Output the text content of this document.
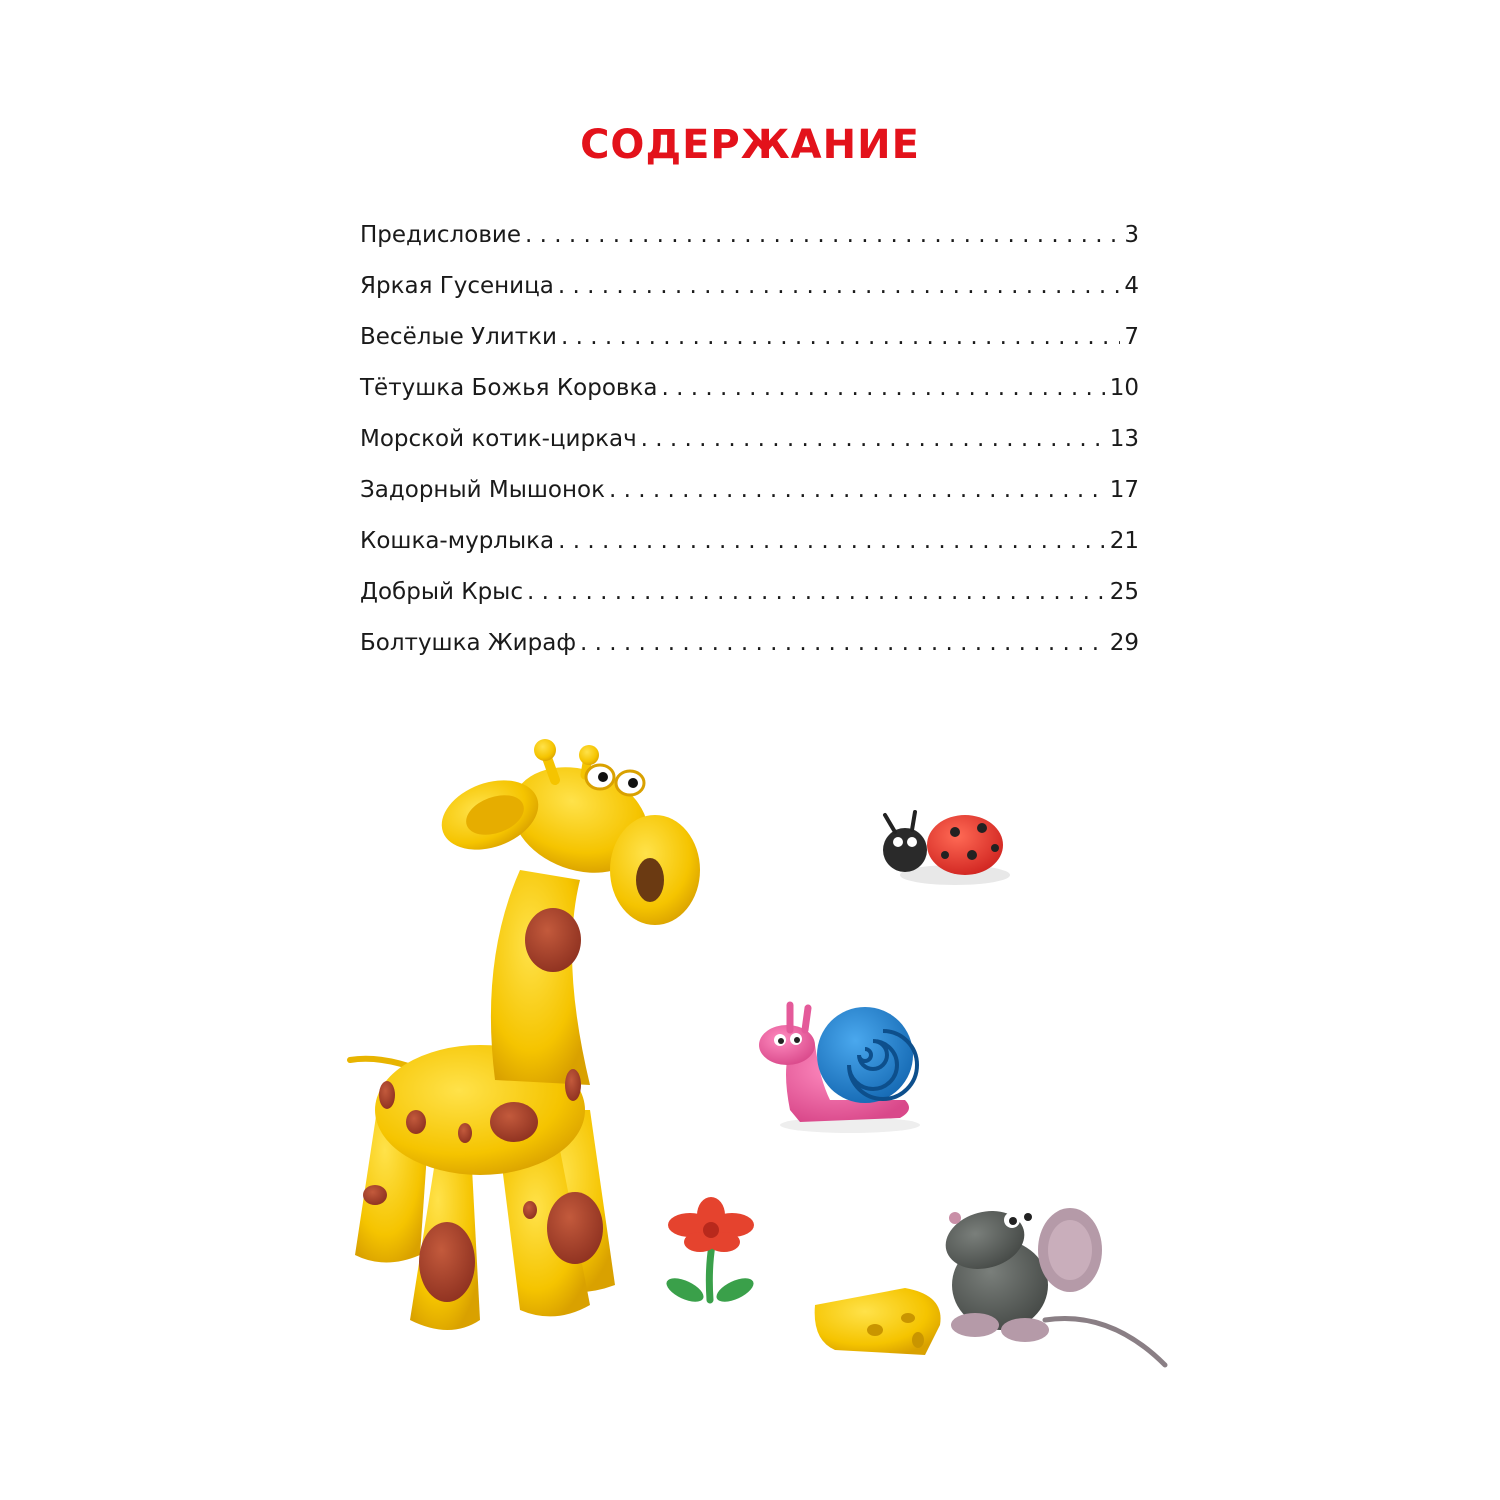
СОДЕРЖАНИЕ
Предисловие . . .	3
Яркая Гусеница . . .	4
Весёлые Улитки . . .	7
Тётушка Божья Коровка . . .	10
Морской котик-циркач . . .	13
Задорный Мышонок . . .	17
Кошка-мурлыка . . .	21
Добрый Крыс . . .	25
Болтушка Жираф . . .	29
